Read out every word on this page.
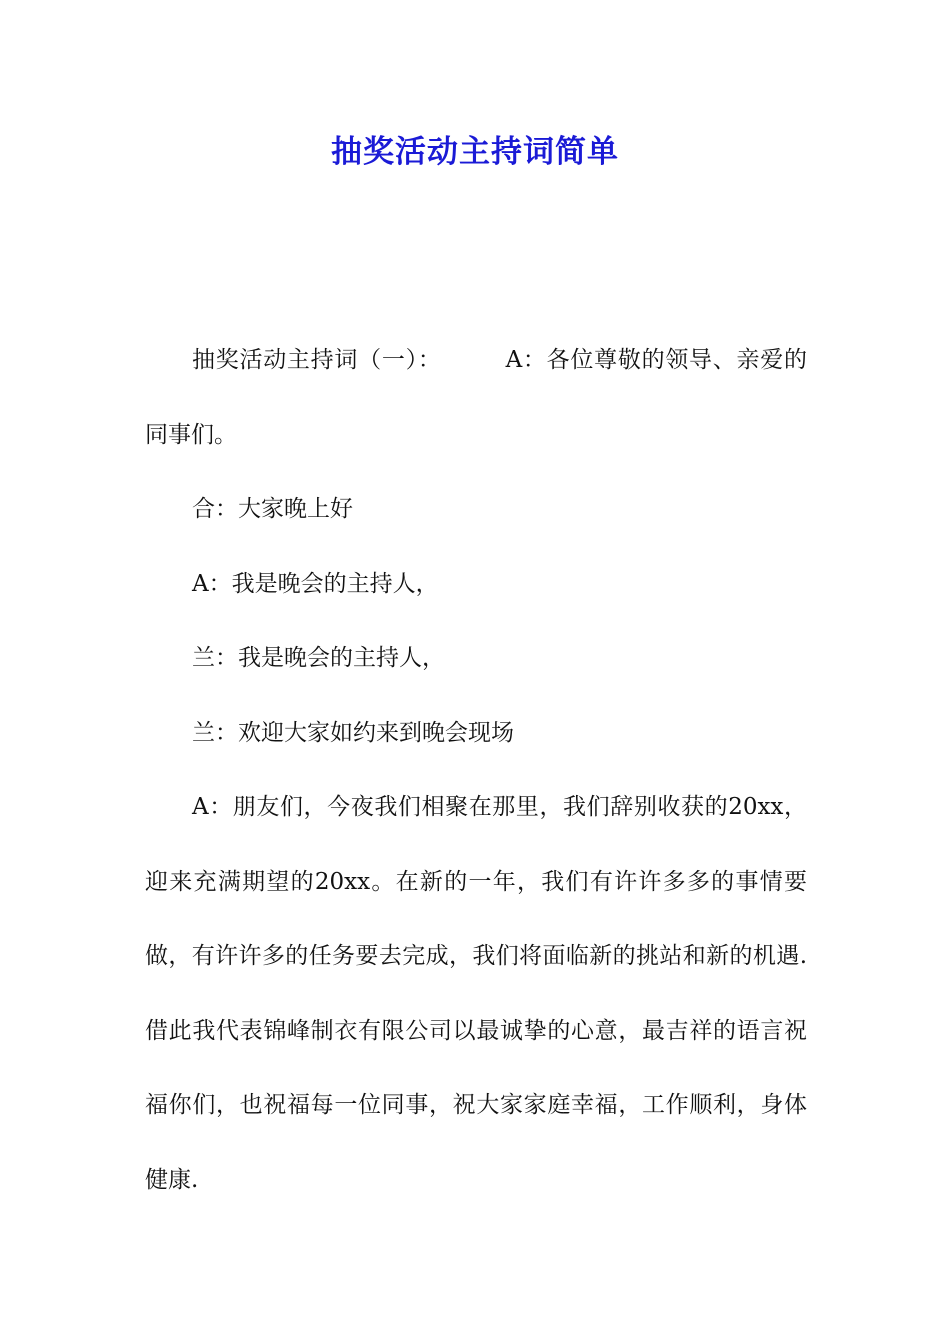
抽奖活动主持词简单

抽奖活动主持词（一）：	A：各位尊敬的领导、亲爱的同事们。

合：大家晚上好

A：我是晚会的主持人，

兰：我是晚会的主持人，

兰：欢迎大家如约来到晚会现场

A：朋友们，今夜我们相聚在那里，我们辞别收获的20xx，迎来充满期望的20xx。在新的一年，我们有许许多多的事情要做，有许许多的任务要去完成，我们将面临新的挑站和新的机遇. 借此我代表锦峰制衣有限公司以最诚挚的心意，最吉祥的语言祝福你们，也祝福每一位同事，祝大家家庭幸福，工作顺利，身体健康.
